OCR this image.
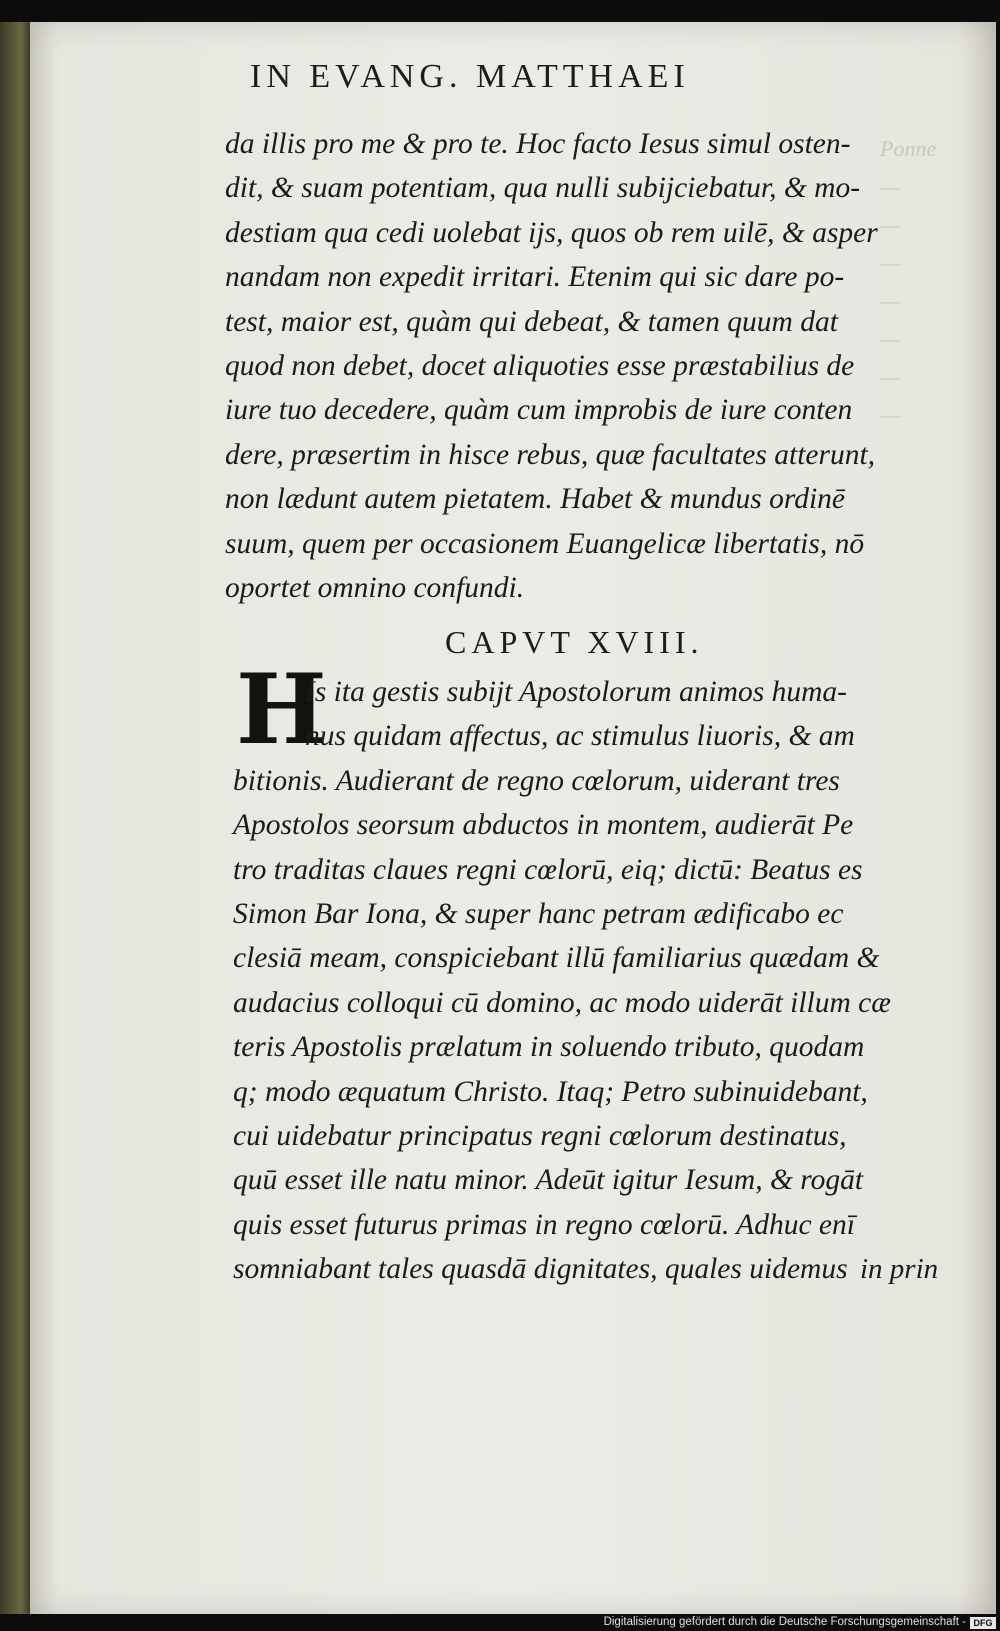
Ponne
—
—
—
—
—
—
—
IN EVANG. MATTHAEI
da illis pro me & pro te. Hoc facto Iesus simul osten-
dit, & suam potentiam, qua nulli subijciebatur, & mo-
destiam qua cedi uolebat ijs, quos ob rem uilē, & asper
nandam non expedit irritari. Etenim qui sic dare po-
test, maior est, quàm qui debeat, & tamen quum dat
quod non debet, docet aliquoties esse præstabilius de
iure tuo decedere, quàm cum improbis de iure conten
dere, præsertim in hisce rebus, quæ facultates atterunt,
non lædunt autem pietatem. Habet & mundus ordinē
suum, quem per occasionem Euangelicæ libertatis, nō
oportet omnino confundi.
CAPVT XVIII.
H
Is ita gestis subijt Apostolorum animos huma-
nus quidam affectus, ac stimulus liuoris, & am
bitionis. Audierant de regno cœlorum, uiderant tres
Apostolos seorsum abductos in montem, audierāt Pe
tro traditas claues regni cœlorū, eiq; dictū: Beatus es
Simon Bar Iona, & super hanc petram ædificabo ec
clesiā meam, conspiciebant illū familiarius quædam &
audacius colloqui cū domino, ac modo uiderāt illum cæ
teris Apostolis prælatum in soluendo tributo, quodam
q; modo æquatum Christo. Itaq; Petro subinuidebant,
cui uidebatur principatus regni cœlorum destinatus,
quū esset ille natu minor. Adeūt igitur Iesum, & rogāt
quis esset futurus primas in regno cœlorū. Adhuc enī
somniabant tales quasdā dignitates, quales uidemus in prin
Digitalisierung gefördert durch die Deutsche Forschungsgemeinschaft - DFG
